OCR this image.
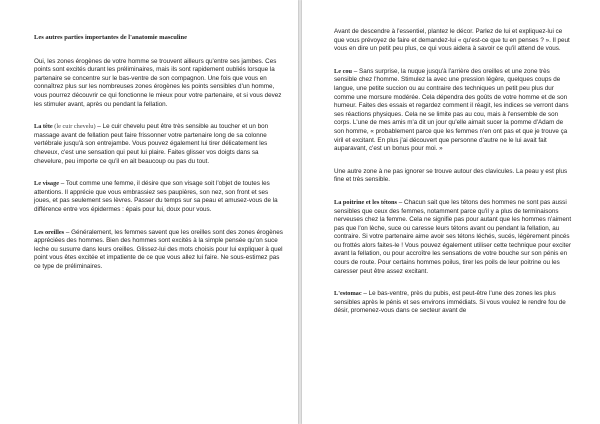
Les autres parties importantes de l'anatomie masculine

Oui, les zones érogènes de votre homme se trouvent ailleurs qu'entre ses jambes. Ces points sont excités durant les préliminaires, mais ils sont rapidement oubliés lorsque la partenaire se concentre sur le bas-ventre de son compagnon. Une fois que vous en connaîtrez plus sur les nombreuses zones érogènes les points sensibles d'un homme, vous pourrez découvrir ce qui fonctionne le mieux pour votre partenaire, et si vous devez les stimuler avant, après ou pendant la fellation.

La tête (le cuir chevelu) – Le cuir chevelu peut être très sensible au toucher et un bon massage avant de fellation peut faire frissonner votre partenaire long de sa colonne vertébrale jusqu'à son entrejambe. Vous pouvez également lui tirer délicatement les cheveux, c'est une sensation qui peut lui plaire. Faites glisser vos doigts dans sa chevelure, peu importe ce qu'il en ait beaucoup ou pas du tout.

Le visage – Tout comme une femme, il désire que son visage soit l'objet de toutes les attentions. Il apprécie que vous embrassiez ses paupières, son nez, son front et ses joues, et pas seulement ses lèvres. Passer du temps sur sa peau et amusez-vous de la différence entre vos épidermes : épais pour lui, doux pour vous.

Les oreilles – Généralement, les femmes savent que les oreilles sont des zones érogènes appréciées des hommes. Bien des hommes sont excités à la simple pensée qu'on suce leche ou susurre dans leurs oreilles. Glissez-lui des mots choisis pour lui expliquer à quel point vous êtes excitée et impatiente de ce que vous allez lui faire. Ne sous-estimez pas ce type de préliminaires.

Avant de descendre à l'essentiel, plantez le décor. Parlez de lui et expliquez-lui ce que vous prévoyez de faire et demandez-lui « qu'est-ce que tu en penses ? ». Il peut vous en dire un petit peu plus, ce qui vous aidera à savoir ce qu'il attend de vous.

Le cou – Sans surprise, la nuque jusqu'à l'arrière des oreilles et une zone très sensible chez l'homme. Stimulez la avec une pression légère, quelques coups de langue, une petite succion ou au contraire des techniques un petit peu plus dur comme une morsure modérée. Cela dépendra des goûts de votre homme et de son humeur. Faites des essais et regardez comment il réagit, les indices se verront dans ses réactions physiques. Cela ne se limite pas au cou, mais à l'ensemble de son corps. L'une de mes amis m'a dit un jour qu'elle aimait sucer la pomme d'Adam de son homme, « probablement parce que les femmes n'en ont pas et que je trouve ça viril et excitant. En plus j'ai découvert que personne d'autre ne le lui avait fait auparavant, c'est un bonus pour moi. »

Une autre zone à ne pas ignorer se trouve autour des clavicules. La peau y est plus fine et très sensible.

La poitrine et les tétons – Chacun sait que les tétons des hommes ne sont pas aussi sensibles que ceux des femmes, notamment parce qu'il y a plus de terminaisons nerveuses chez la femme. Cela ne signifie pas pour autant que les hommes n'aiment pas que l'on lèche, suce ou caresse leurs tétons avant ou pendant la fellation, au contraire. Si votre partenaire aime avoir ses tétons léchés, sucés, légèrement pincés ou frottés alors faites-le ! Vous pouvez également utiliser cette technique pour exciter avant la fellation, ou pour accroître les sensations de votre bouche sur son pénis en cours de route. Pour certains hommes poilus, tirer les poils de leur poitrine ou les caresser peut être assez excitant.

L'estomac – Le bas-ventre, près du pubis, est peut-être l'une des zones les plus sensibles après le pénis et ses environs immédiats. Si vous voulez le rendre fou de désir, promenez-vous dans ce secteur avant de
